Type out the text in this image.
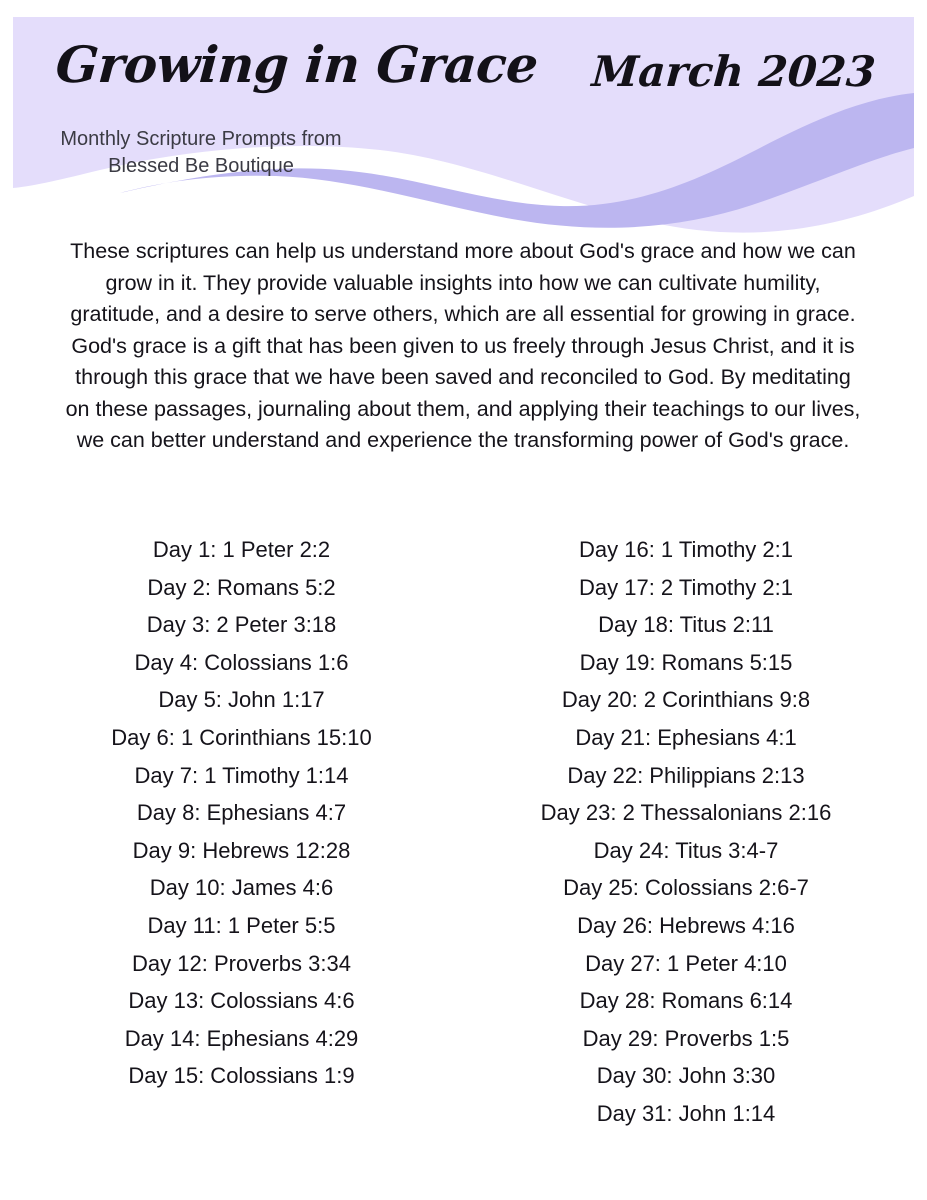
Growing in Grace March 2023
Monthly Scripture Prompts from Blessed Be Boutique
These scriptures can help us understand more about God's grace and how we can grow in it. They provide valuable insights into how we can cultivate humility, gratitude, and a desire to serve others, which are all essential for growing in grace. God's grace is a gift that has been given to us freely through Jesus Christ, and it is through this grace that we have been saved and reconciled to God. By meditating on these passages, journaling about them, and applying their teachings to our lives, we can better understand and experience the transforming power of God's grace.
Day 1: 1 Peter 2:2
Day 2: Romans 5:2
Day 3: 2 Peter 3:18
Day 4: Colossians 1:6
Day 5: John 1:17
Day 6: 1 Corinthians 15:10
Day 7: 1 Timothy 1:14
Day 8: Ephesians 4:7
Day 9: Hebrews 12:28
Day 10: James 4:6
Day 11: 1 Peter 5:5
Day 12: Proverbs 3:34
Day 13: Colossians 4:6
Day 14: Ephesians 4:29
Day 15: Colossians 1:9
Day 16: 1 Timothy 2:1
Day 17: 2 Timothy 2:1
Day 18: Titus 2:11
Day 19: Romans 5:15
Day 20: 2 Corinthians 9:8
Day 21: Ephesians 4:1
Day 22: Philippians 2:13
Day 23: 2 Thessalonians 2:16
Day 24: Titus 3:4-7
Day 25: Colossians 2:6-7
Day 26: Hebrews 4:16
Day 27: 1 Peter 4:10
Day 28: Romans 6:14
Day 29: Proverbs 1:5
Day 30: John 3:30
Day 31: John 1:14
